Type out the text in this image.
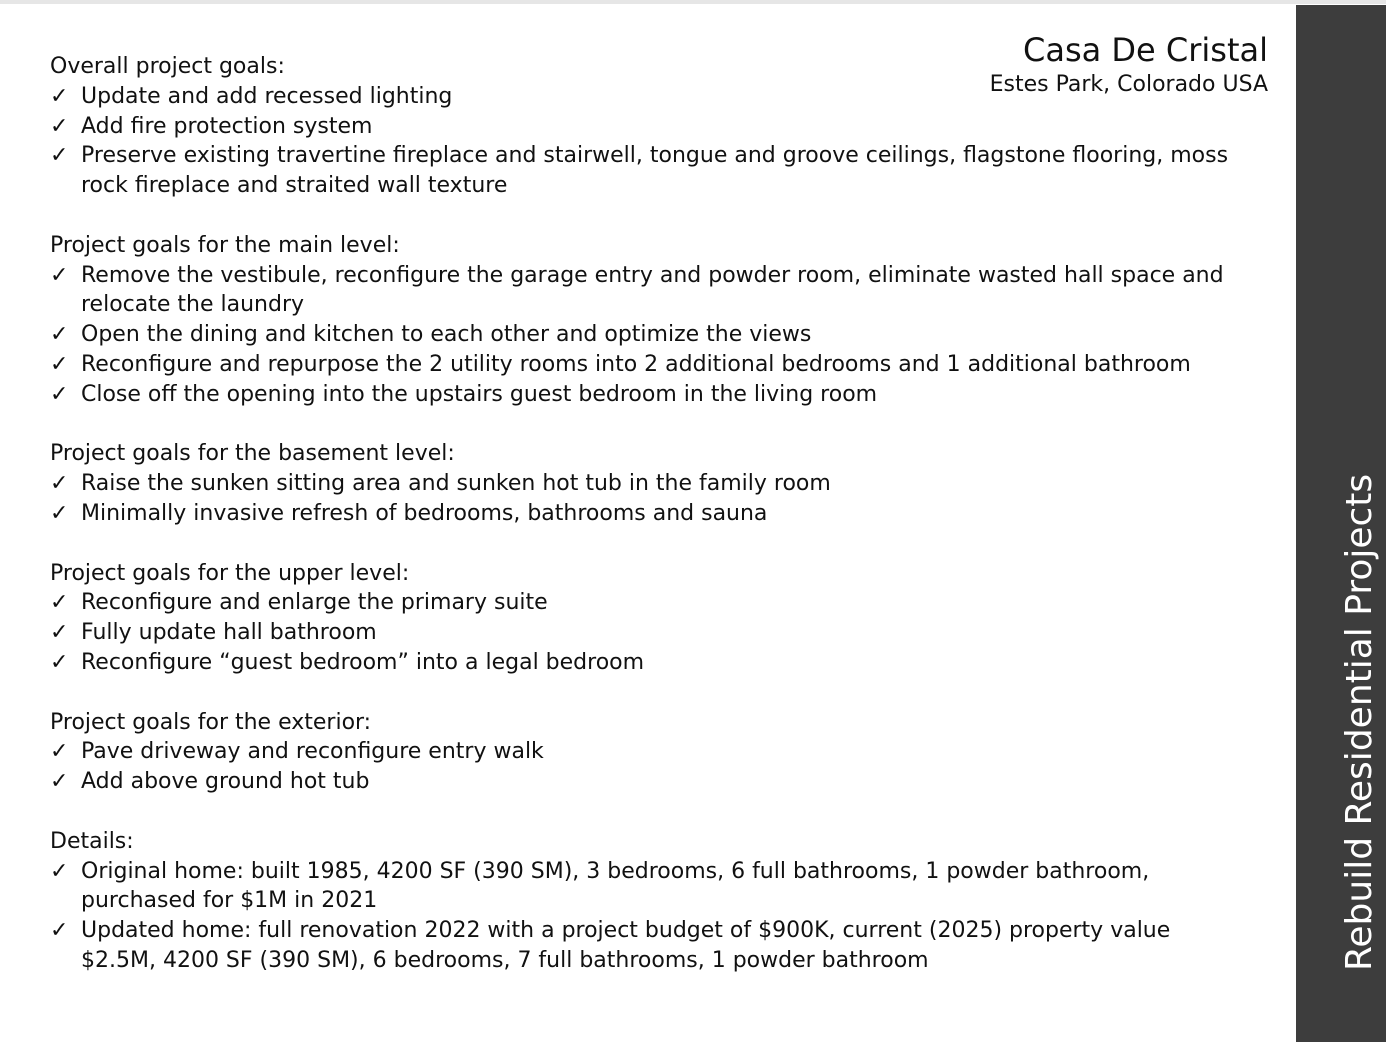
Casa De Cristal
Estes Park, Colorado USA
Overall project goals:
✓ Update and add recessed lighting
✓ Add fire protection system
✓ Preserve existing travertine fireplace and stairwell, tongue and groove ceilings, flagstone flooring, moss rock fireplace and straited wall texture
Project goals for the main level:
✓ Remove the vestibule, reconfigure the garage entry and powder room, eliminate wasted hall space and relocate the laundry
✓ Open the dining and kitchen to each other and optimize the views
✓ Reconfigure and repurpose the 2 utility rooms into 2 additional bedrooms and 1 additional bathroom
✓ Close off the opening into the upstairs guest bedroom in the living room
Project goals for the basement level:
✓ Raise the sunken sitting area and sunken hot tub in the family room
✓ Minimally invasive refresh of bedrooms, bathrooms and sauna
Project goals for the upper level:
✓ Reconfigure and enlarge the primary suite
✓ Fully update hall bathroom
✓ Reconfigure “guest bedroom” into a legal bedroom
Project goals for the exterior:
✓ Pave driveway and reconfigure entry walk
✓ Add above ground hot tub
Details:
✓ Original home: built 1985, 4200 SF (390 SM), 3 bedrooms, 6 full bathrooms, 1 powder bathroom, purchased for $1M in 2021
✓ Updated home: full renovation 2022 with a project budget of $900K, current (2025) property value $2.5M, 4200 SF (390 SM), 6 bedrooms, 7 full bathrooms, 1 powder bathroom	Rebuild Residential Projects
